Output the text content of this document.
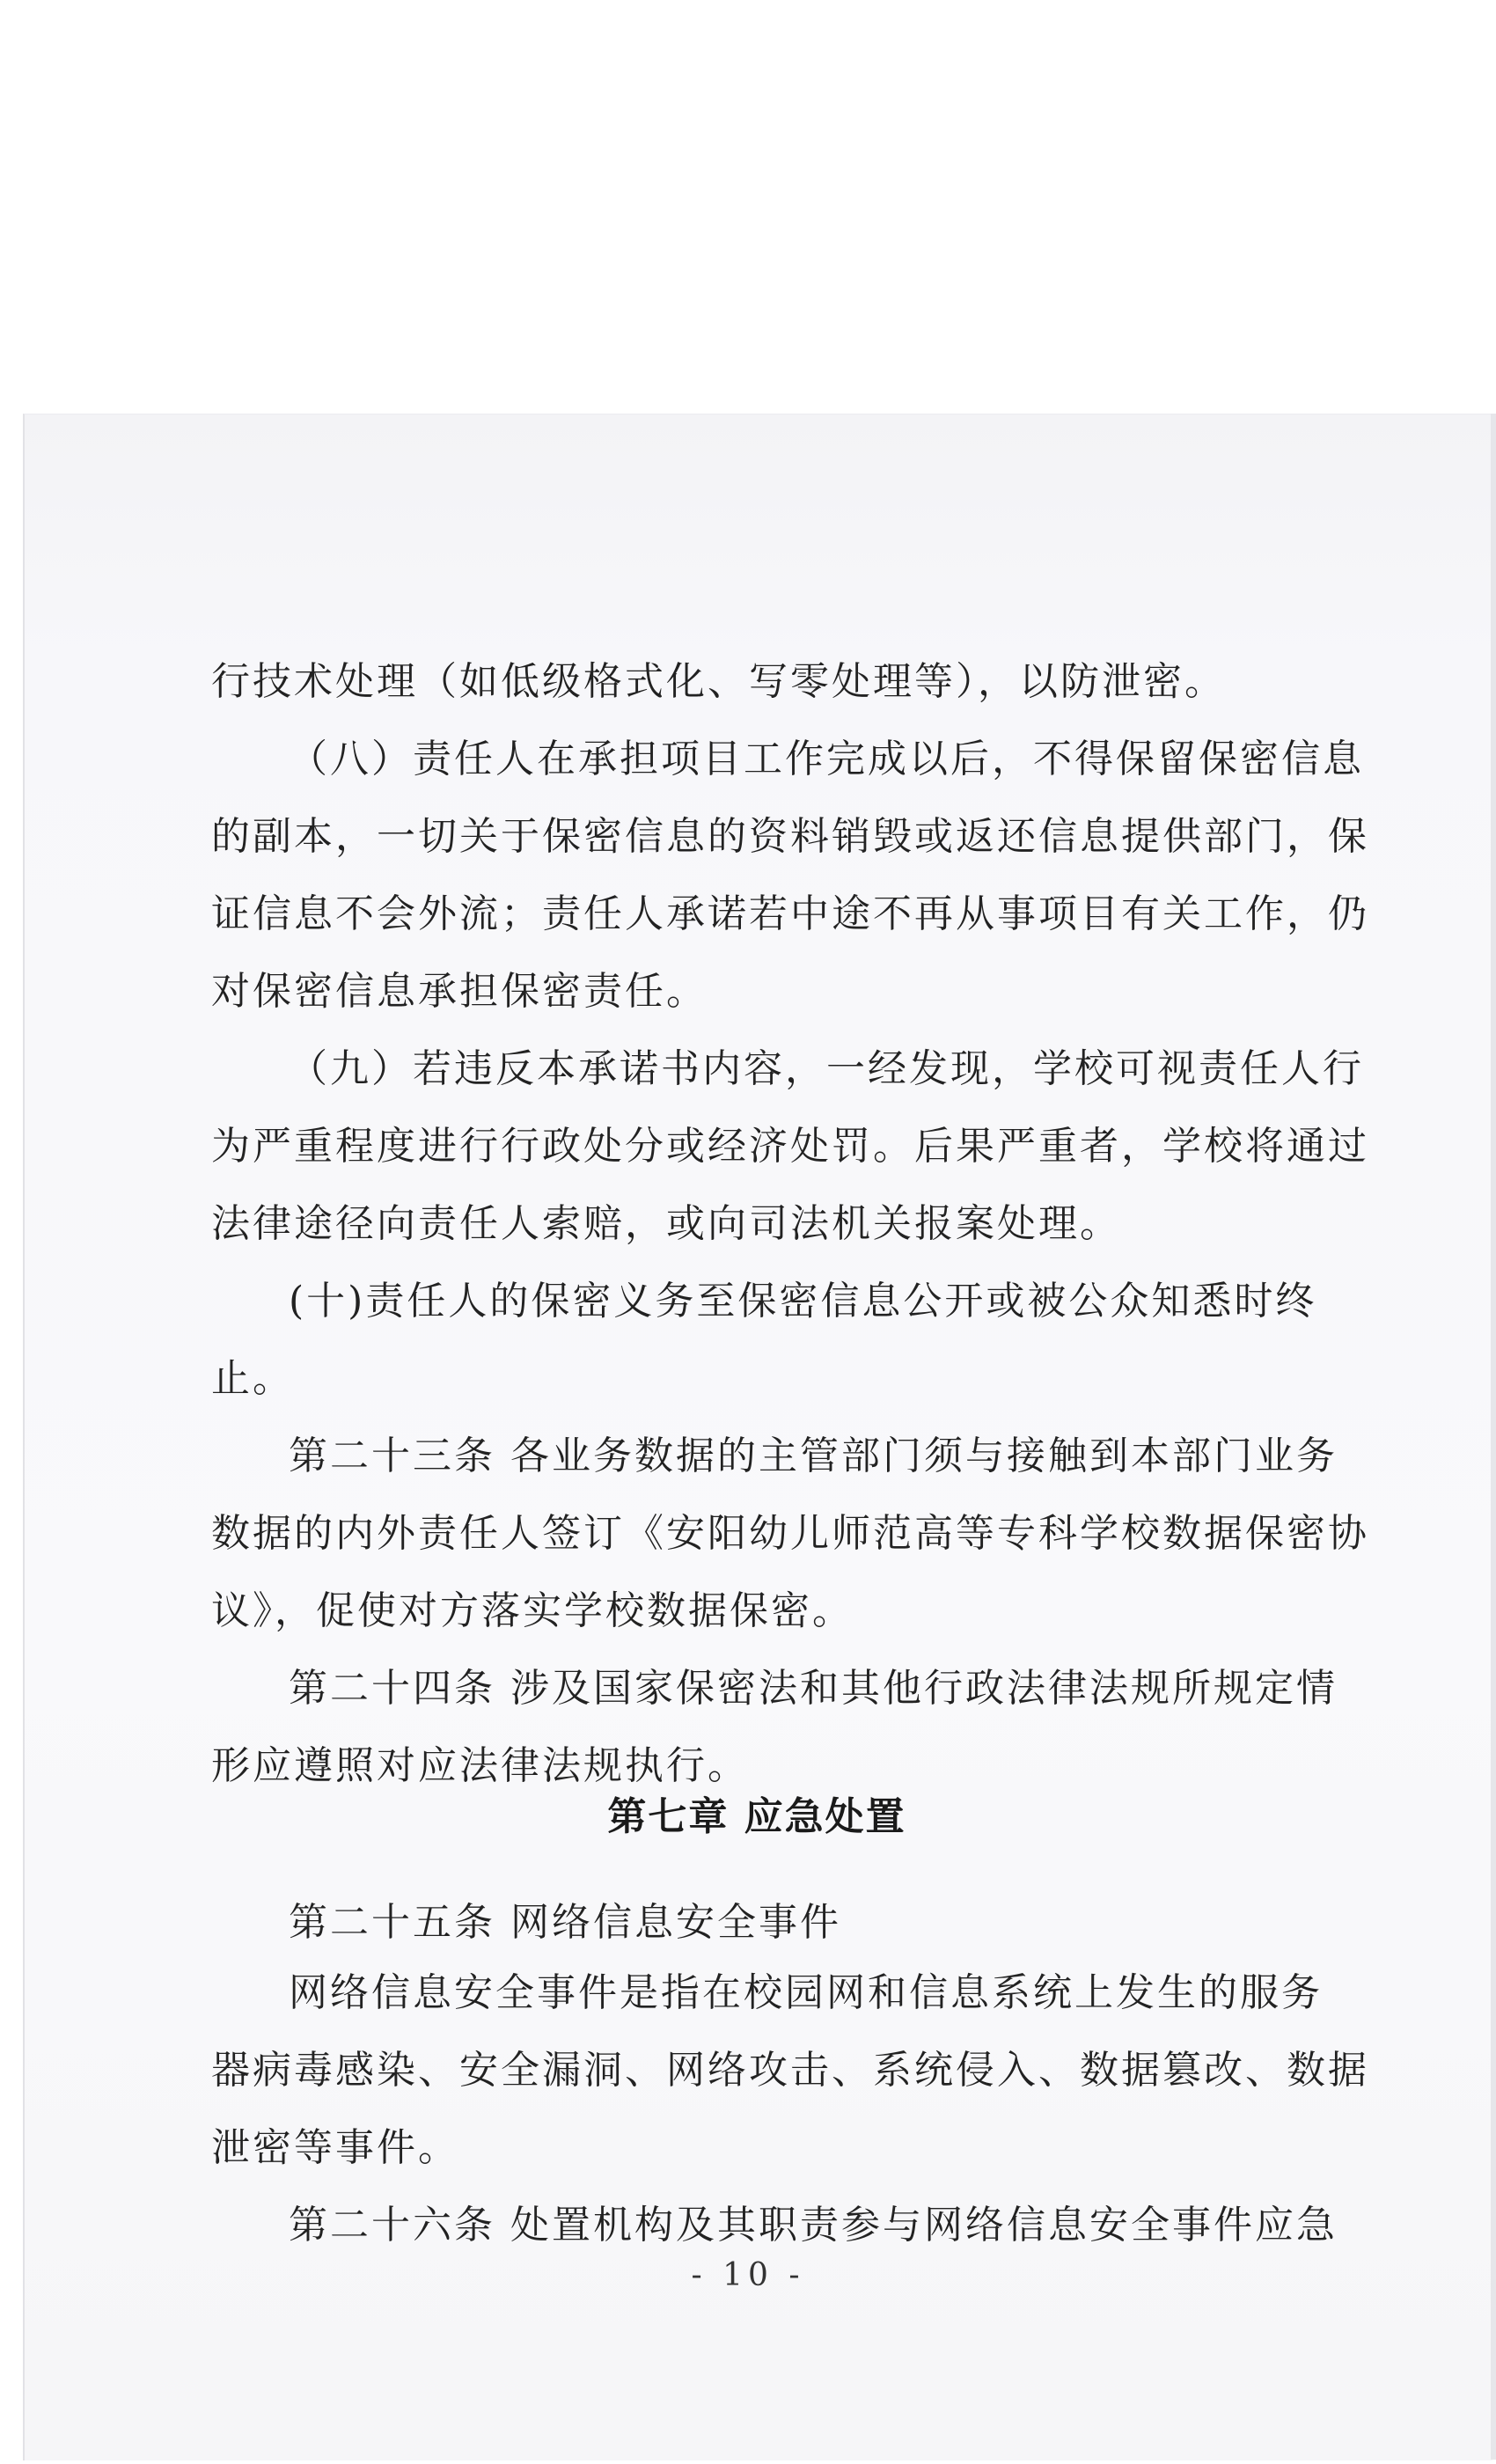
行技术处理（如低级格式化、写零处理等），以防泄密。
（八）责任人在承担项目工作完成以后，不得保留保密信息
的副本，一切关于保密信息的资料销毁或返还信息提供部门，保
证信息不会外流；责任人承诺若中途不再从事项目有关工作，仍
对保密信息承担保密责任。
（九）若违反本承诺书内容，一经发现，学校可视责任人行
为严重程度进行行政处分或经济处罚。后果严重者，学校将通过
法律途径向责任人索赔，或向司法机关报案处理。
(十)责任人的保密义务至保密信息公开或被公众知悉时终
止。
第二十三条 各业务数据的主管部门须与接触到本部门业务
数据的内外责任人签订《安阳幼儿师范高等专科学校数据保密协
议》，促使对方落实学校数据保密。
第二十四条 涉及国家保密法和其他行政法律法规所规定情
形应遵照对应法律法规执行。
第七章 应急处置
第二十五条 网络信息安全事件
网络信息安全事件是指在校园网和信息系统上发生的服务
器病毒感染、安全漏洞、网络攻击、系统侵入、数据篡改、数据
泄密等事件。
第二十六条 处置机构及其职责参与网络信息安全事件应急
- 10 -
